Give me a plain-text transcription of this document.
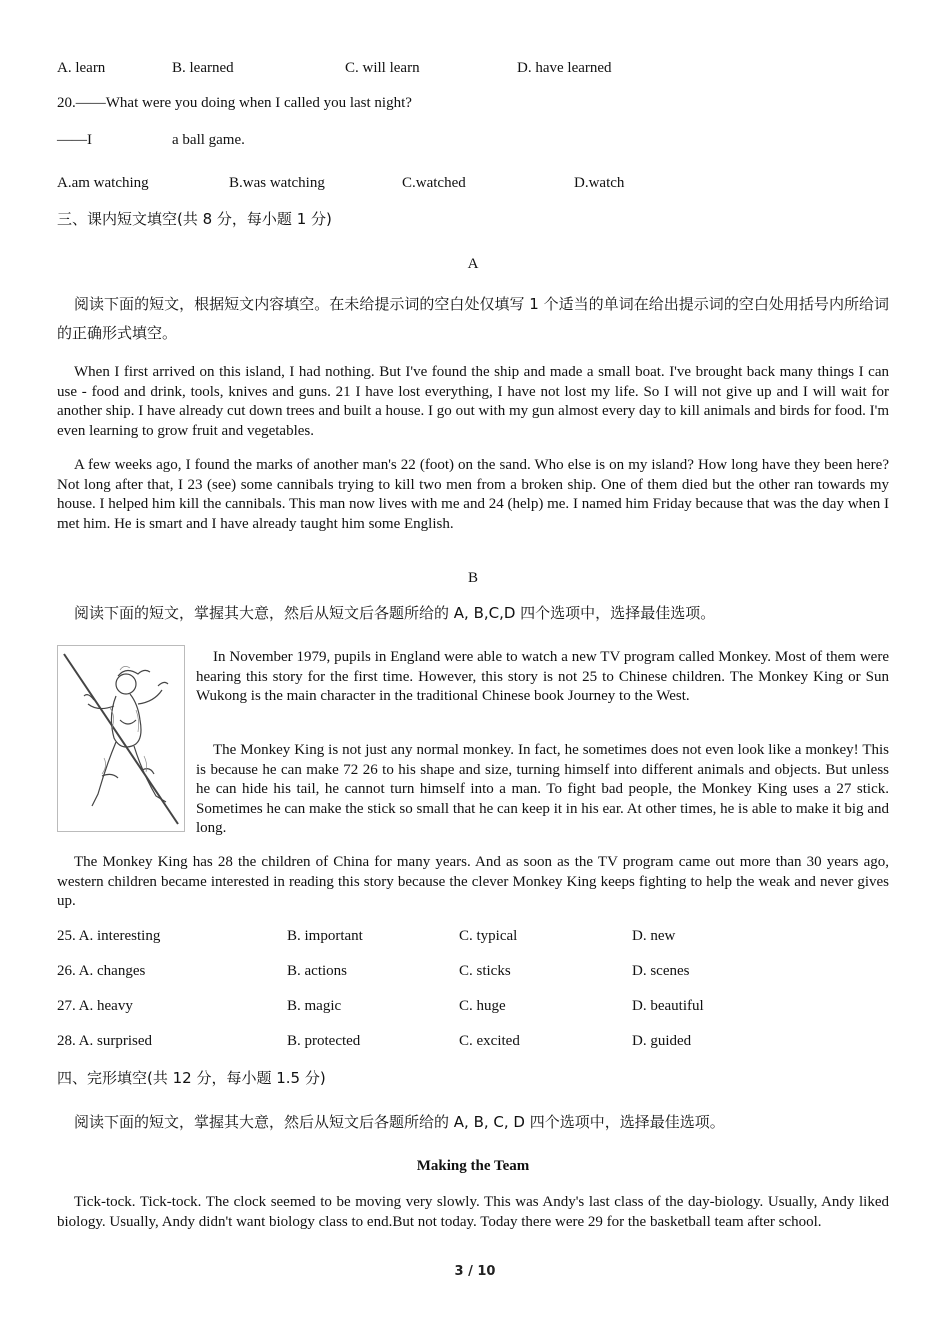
A. learn	B. learned	C. will learn	D. have learned
20.——What were you doing when I called you last night?
——I	a ball game.
A.am watching	B.was watching	C.watched	D.watch
三、课内短文填空(共 8 分，每小题 1 分)
A
阅读下面的短文，根据短文内容填空。在未给提示词的空白处仅填写 1 个适当的单词在给出提示词的空白处用括号内所给词的正确形式填空。
When I first arrived on this island, I had nothing. But I've found the ship and made a small boat. I've brought back many things I can use - food and drink, tools, knives and guns. 21 I have lost everything, I have not lost my life. So I will not give up and I will wait for another ship. I have already cut down trees and built a house. I go out with my gun almost every day to kill animals and birds for food. I'm even learning to grow fruit and vegetables.
A few weeks ago, I found the marks of another man's 22 (foot) on the sand. Who else is on my island? How long have they been here? Not long after that, I 23 (see) some cannibals trying to kill two men from a broken ship. One of them died but the other ran towards my house. I helped him kill the cannibals. This man now lives with me and 24 (help) me. I named him Friday because that was the day when I met him. He is smart and I have already taught him some English.
B
阅读下面的短文，掌握其大意，然后从短文后各题所给的 A, B,C,D 四个选项中，选择最佳选项。
In November 1979, pupils in England were able to watch a new TV program called Monkey. Most of them were hearing this story for the first time. However, this story is not 25 to Chinese children. The Monkey King or Sun Wukong is the main character in the traditional Chinese book Journey to the West.
The Monkey King is not just any normal monkey. In fact, he sometimes does not even look like a monkey! This is because he can make 72 26 to his shape and size, turning himself into different animals and objects. But unless he can hide his tail, he cannot turn himself into a man. To fight bad people, the Monkey King uses a 27 stick. Sometimes he can make the stick so small that he can keep it in his ear. At other times, he is able to make it big and long.
The Monkey King has 28 the children of China for many years. And as soon as the TV program came out more than 30 years ago, western children became interested in reading this story because the clever Monkey King keeps fighting to help the weak and never gives up.
25. A. interesting	B. important	C. typical	D. new
26. A. changes	B. actions	C. sticks	D. scenes
27. A. heavy	B. magic	C. huge	D. beautiful
28. A. surprised	B. protected	C. excited	D. guided
四、完形填空(共 12 分，每小题 1.5 分)
阅读下面的短文，掌握其大意，然后从短文后各题所给的 A, B, C, D 四个选项中，选择最佳选项。
Making the Team
Tick-tock. Tick-tock. The clock seemed to be moving very slowly. This was Andy's last class of the day-biology. Usually, Andy liked biology. Usually, Andy didn't want biology class to end.But not today. Today there were 29 for the basketball team after school.
3 / 10
